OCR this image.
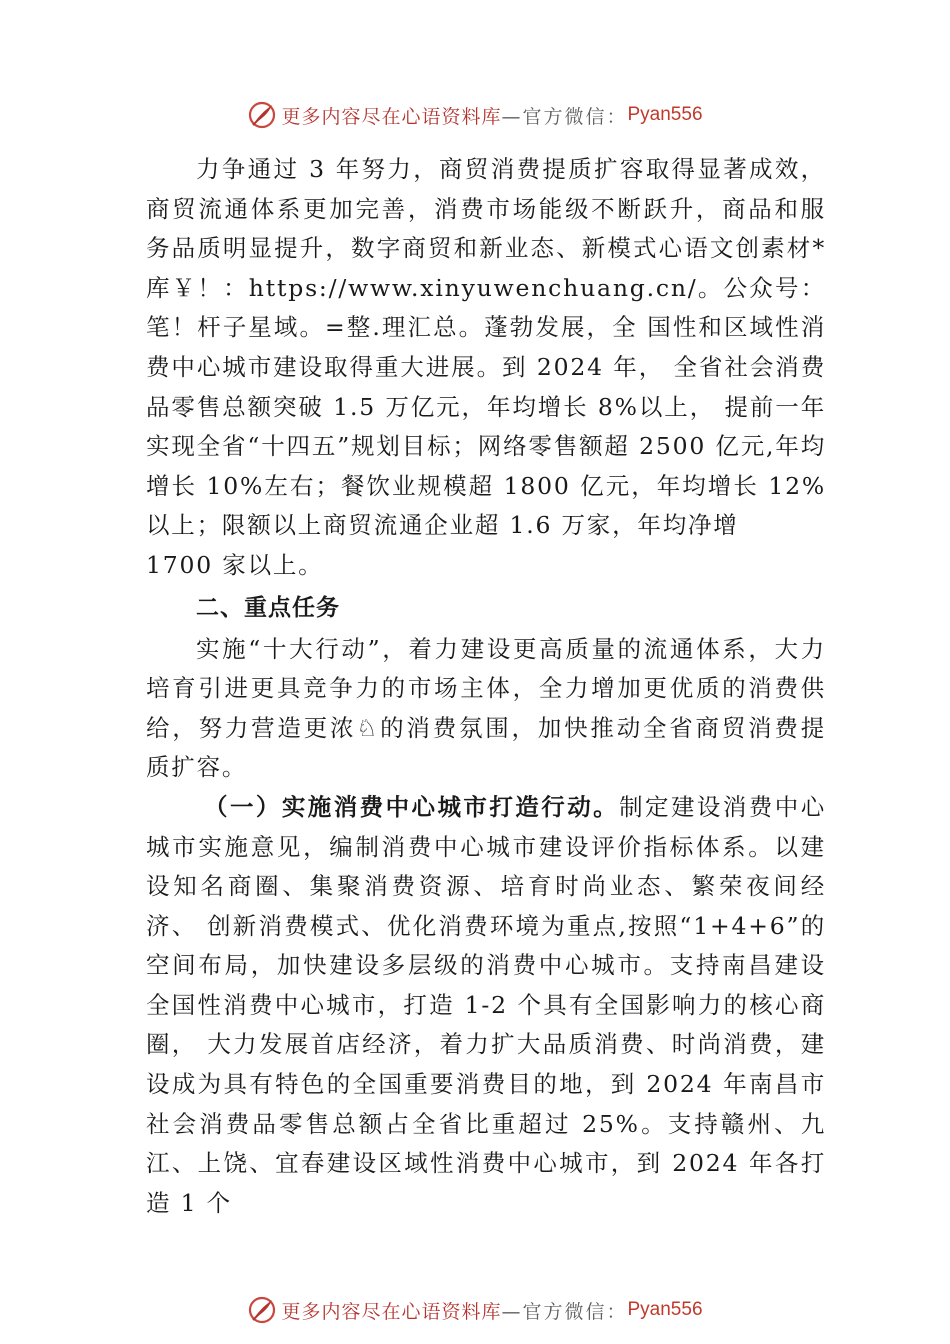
更多内容尽在心语资料库 —官方微信： Pyan556

力争通过 3 年努力，商贸消费提质扩容取得显著成效，商贸流通体系更加完善，消费市场能级不断跃升，商品和服务品质明显提升，数字商贸和新业态、新模式心语文创素材*库￥！：https://www.xinyuwenchuang.cn/。公众号：笔！杆子星域。=整.理汇总。蓬勃发展，全 国性和区域性消费中心城市建设取得重大进展。到 2024 年， 全省社会消费品零售总额突破 1.5 万亿元，年均增长 8%以上， 提前一年实现全省“十四五”规划目标；网络零售额超 2500 亿元,年均增长 10%左右；餐饮业规模超 1800 亿元，年均增长 12%以上；限额以上商贸流通企业超 1.6 万家，年均净增

1700 家以上。

二、重点任务

实施“十大行动”，着力建设更高质量的流通体系，大力培育引进更具竞争力的市场主体，全力增加更优质的消费供给，努力营造更浓♘的消费氛围，加快推动全省商贸消费提质扩容。

（一）实施消费中心城市打造行动。制定建设消费中心城市实施意见，编制消费中心城市建设评价指标体系。以建设知名商圈、集聚消费资源、培育时尚业态、繁荣夜间经济、 创新消费模式、优化消费环境为重点,按照“1+4+6”的空间布局，加快建设多层级的消费中心城市。支持南昌建设全国性消费中心城市，打造 1-2 个具有全国影响力的核心商圈， 大力发展首店经济，着力扩大品质消费、时尚消费，建设成为具有特色的全国重要消费目的地，到 2024 年南昌市社会消费品零售总额占全省比重超过 25%。支持赣州、九江、上饶、宜春建设区域性消费中心城市，到 2024 年各打造 1 个

更多内容尽在心语资料库 —官方微信： Pyan556
